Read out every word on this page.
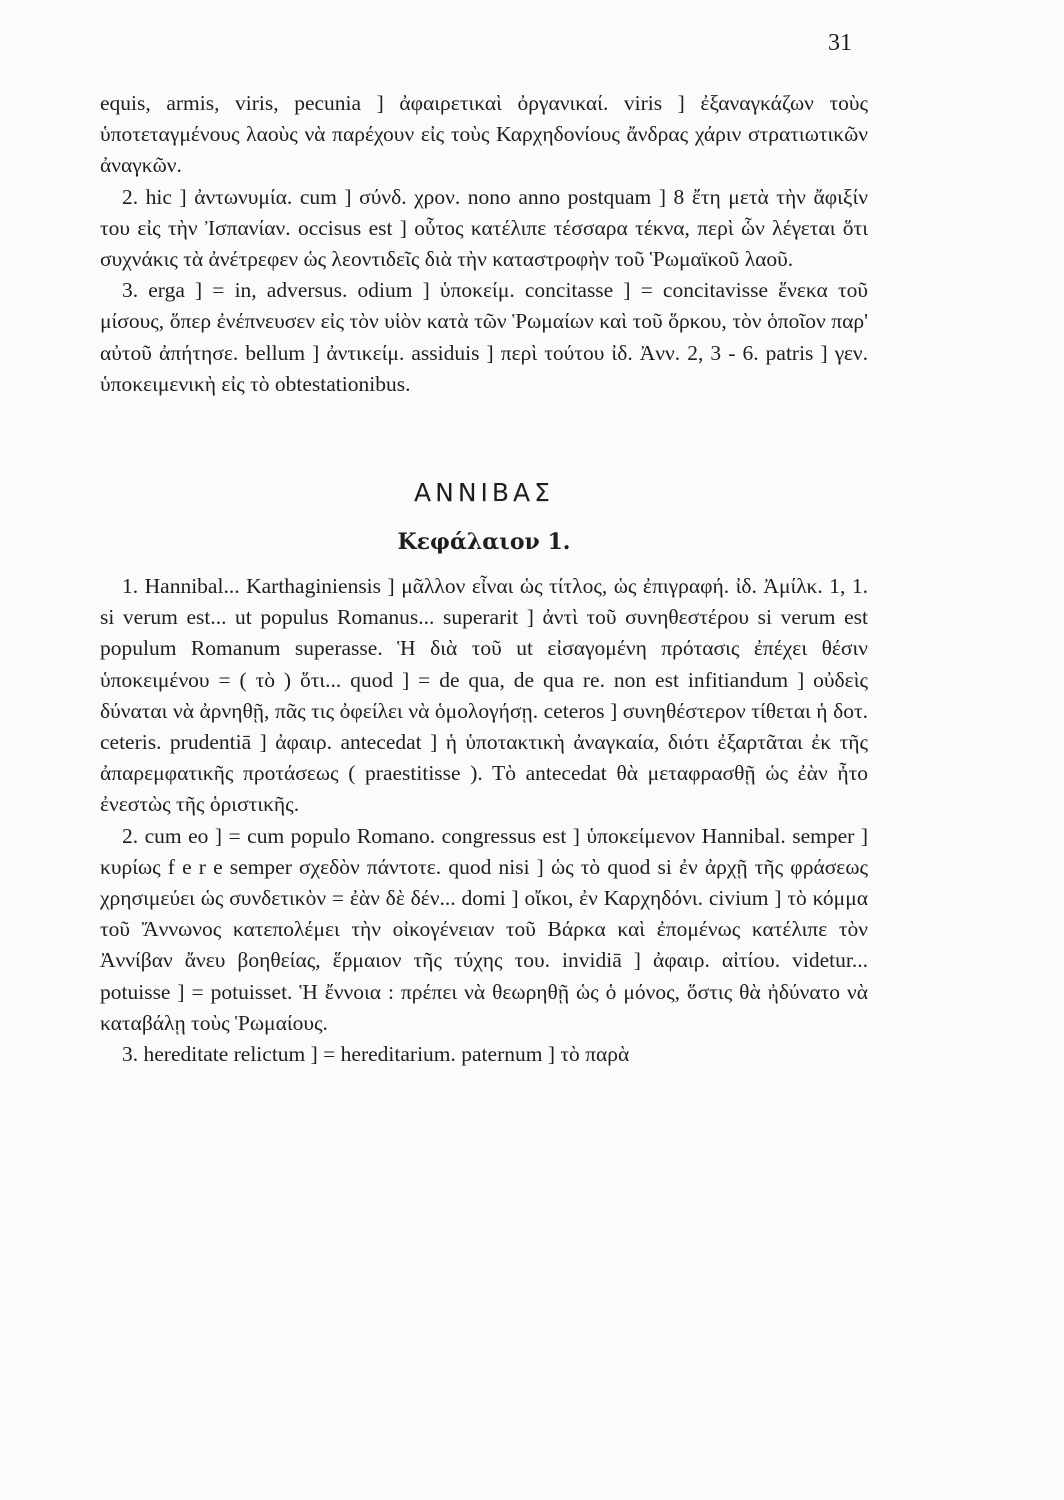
31

equis, armis, viris, pecunia ] ἀφαιρετικαὶ ὀργανικαί. viris ] ἐξαναγκάζων τοὺς ὑποτεταγμένους λαοὺς νὰ παρέχουν εἰς τοὺς Καρχηδονίους ἄνδρας χάριν στρατιωτικῶν ἀναγκῶν.

2. hic ] ἀντωνυμία. cum ] σύνδ. χρον. nono anno postquam ] 8 ἔτη μετὰ τὴν ἄφιξίν του εἰς τὴν Ἰσπανίαν. occisus est ] οὗτος κατέλιπε τέσσαρα τέκνα, περὶ ὧν λέγεται ὅτι συχνάκις τὰ ἀνέτρεφεν ὡς λεοντιδεῖς διὰ τὴν καταστροφὴν τοῦ Ῥωμαϊκοῦ λαοῦ.

3. erga ] = in, adversus. odium ] ὑποκείμ. concitasse ] = concitavisse ἕνεκα τοῦ μίσους, ὅπερ ἐνέπνευσεν εἰς τὸν υἱὸν κατὰ τῶν Ῥωμαίων καὶ τοῦ ὅρκου, τὸν ὁποῖον παρ' αὐτοῦ ἀπήτησε. bellum ] ἀντικείμ. assiduis ] περὶ τούτου ἰδ. Ἀνν. 2, 3 - 6. patris ] γεν. ὑποκειμενικὴ εἰς τὸ obtestationibus.

ΑΝΝΙΒΑΣ
Κεφάλαιον 1.

1. Hannibal... Karthaginiensis ] μᾶλλον εἶναι ὡς τίτλος, ὡς ἐπιγραφή. ἰδ. Ἀμίλκ. 1, 1. si verum est... ut populus Romanus... superarit ] ἀντὶ τοῦ συνηθεστέρου si verum est populum Romanum superasse. Ἡ διὰ τοῦ ut εἰσαγομένη πρότασις ἐπέχει θέσιν ὑποκειμένου = ( τὸ ) ὅτι... quod ] = de qua, de qua re. non est infitiandum ] οὐδεὶς δύναται νὰ ἀρνηθῇ, πᾶς τις ὀφείλει νὰ ὁμολογήσῃ. ceteros ] συνηθέστερον τίθεται ἡ δοτ. ceteris. prudentiā ] ἀφαιρ. antecedat ] ἡ ὑποτακτικὴ ἀναγκαία, διότι ἐξαρτᾶται ἐκ τῆς ἀπαρεμφατικῆς προτάσεως ( praestitisse ). Τὸ antecedat θὰ μεταφρασθῇ ὡς ἐὰν ἦτο ἐνεστὼς τῆς ὁριστικῆς.

2. cum eo ] = cum populo Romano. congressus est ] ὑποκείμενον Hannibal. semper ] κυρίως f e r e semper σχεδὸν πάντοτε. quod nisi ] ὡς τὸ quod si ἐν ἀρχῇ τῆς φράσεως χρησιμεύει ὡς συνδετικὸν = ἐὰν δὲ δέν... domi ] οἴκοι, ἐν Καρχηδόνι. civium ] τὸ κόμμα τοῦ Ἄννωνος κατεπολέμει τὴν οἰκογένειαν τοῦ Βάρκα καὶ ἐπομένως κατέλιπε τὸν Ἀννίβαν ἄνευ βοηθείας, ἕρμαιον τῆς τύχης του. invidiā ] ἀφαιρ. αἰτίου. videtur... potuisse ] = potuisset. Ἡ ἔννοια : πρέπει νὰ θεωρηθῇ ὡς ὁ μόνος, ὅστις θὰ ἠδύνατο νὰ καταβάλῃ τοὺς Ῥωμαίους.

3. hereditate relictum ] = hereditarium. paternum ] τὸ παρὰ
